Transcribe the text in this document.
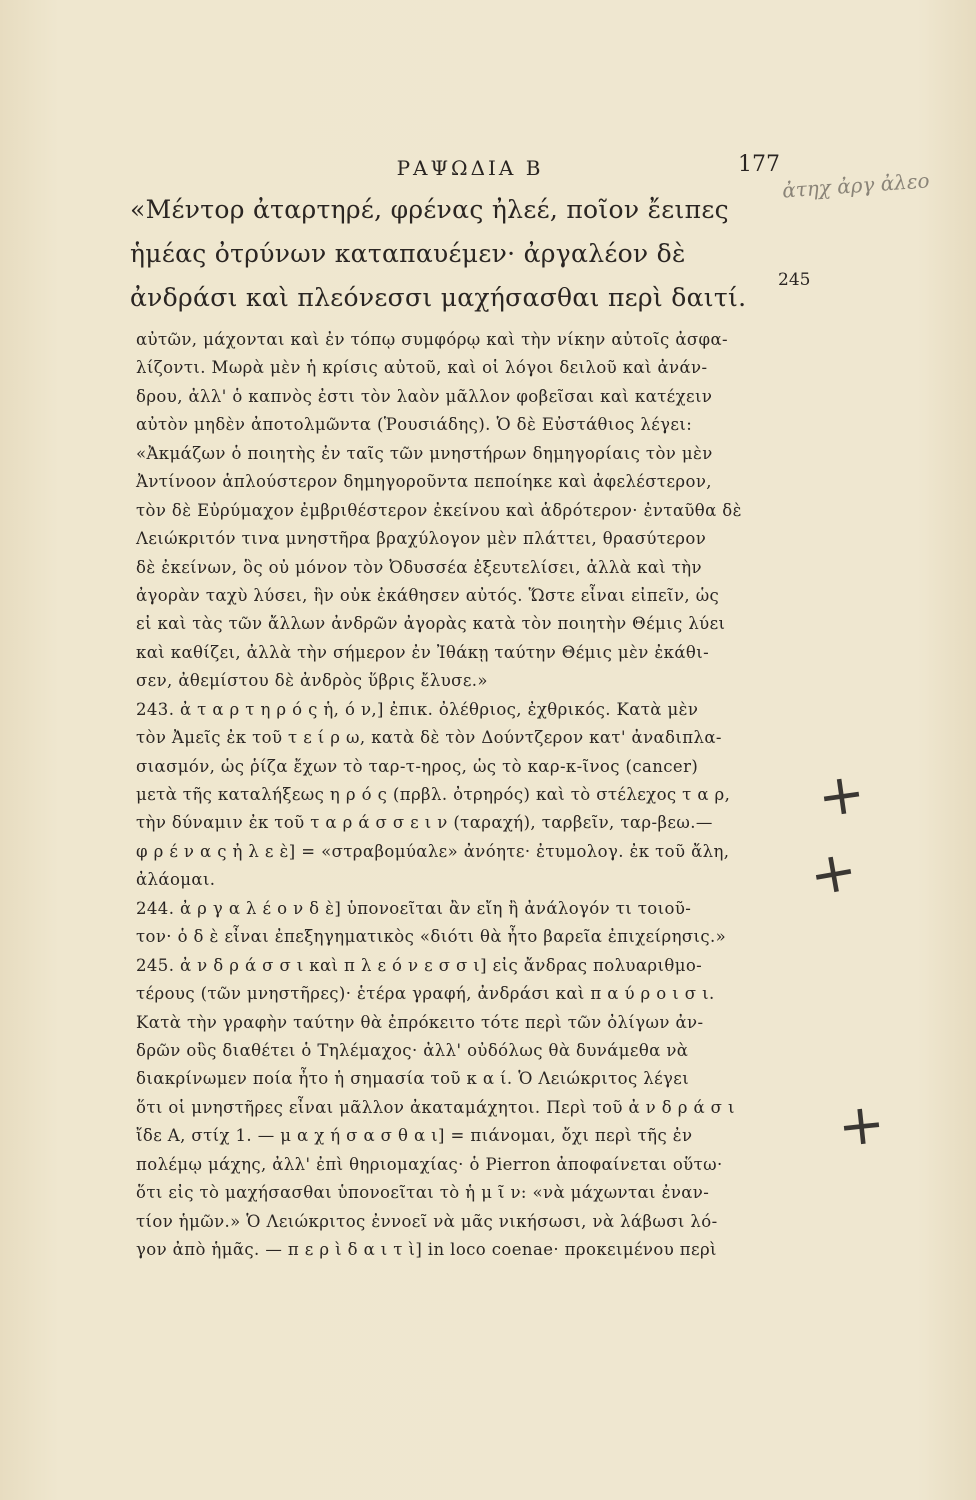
ΡΑΨΩΔΙΑ Β	177
ἀτηχ ἀργ ἀλεο
«Μέντορ ἀταρτηρέ, φρένας ἠλεέ, ποῖον ἔειπες
ἡμέας ὀτρύνων καταπαυέμεν· ἀργαλέον δὲ
ἀνδράσι καὶ πλεόνεσσι μαχήσασθαι περὶ δαιτί.
245
αὐτῶν, μάχονται καὶ ἐν τόπῳ συμφόρῳ καὶ τὴν νίκην αὐτοῖς ἀσφα-
λίζοντι. Μωρὰ μὲν ἡ κρίσις αὐτοῦ, καὶ οἱ λόγοι δειλοῦ καὶ ἀνάν-
δρου, ἀλλ' ὁ καπνὸς ἐστι τὸν λαὸν μᾶλλον φοβεῖσαι καὶ κατέχειν
αὐτὸν μηδὲν ἀποτολμῶντα (Ῥουσιάδης). Ὁ δὲ Εὐστάθιος λέγει:
«Ἀκμάζων ὁ ποιητὴς ἐν ταῖς τῶν μνηστήρων δημηγορίαις τὸν μὲν
Ἀντίνοον ἁπλούστερον δημηγοροῦντα πεποίηκε καὶ ἀφελέστερον,
τὸν δὲ Εὐρύμαχον ἐμβριθέστερον ἐκείνου καὶ ἁδρότερον· ἐνταῦθα δὲ
Λειώκριτόν τινα μνηστῆρα βραχύλογον μὲν πλάττει, θρασύτερον
δὲ ἐκείνων, ὃς οὐ μόνον τὸν Ὀδυσσέα ἐξευτελίσει, ἀλλὰ καὶ τὴν
ἀγορὰν ταχὺ λύσει, ἣν οὐκ ἐκάθησεν αὐτός. Ὥστε εἶναι εἰπεῖν, ὡς
εἰ καὶ τὰς τῶν ἄλλων ἀνδρῶν ἀγορὰς κατὰ τὸν ποιητὴν Θέμις λύει
καὶ καθίζει, ἀλλὰ τὴν σήμερον ἐν Ἰθάκῃ ταύτην Θέμις μὲν ἐκάθι-
σεν, ἀθεμίστου δὲ ἀνδρὸς ὕβρις ἔλυσε.»
243. ἀ τ α ρ τ η ρ ό ς ἡ, ό ν,] ἐπικ. ὀλέθριος, ἐχθρικός. Κατὰ μὲν
τὸν Ἀμεῖς ἐκ τοῦ τ ε ί ρ ω, κατὰ δὲ τὸν Δούντζερον κατ' ἀναδιπλα-
σιασμόν, ὡς ῥίζα ἔχων τὸ ταρ-τ-ηρος, ὡς τὸ καρ-κ-ῖνος (cancer)
μετὰ τῆς καταλήξεως η ρ ό ς (πρβλ. ὀτρηρός) καὶ τὸ στέλεχος τ α ρ,
τὴν δύναμιν ἐκ τοῦ τ α ρ ά σ σ ε ι ν (ταραχή), ταρβεῖν, ταρ-βεω.—
φ ρ έ ν α ς ἠ λ ε ὲ] = «στραβομύαλε» ἀνόητε· ἐτυμολογ. ἐκ τοῦ ἄλη,
ἀλάομαι.
244. ἀ ρ γ α λ έ ο ν δ ὲ] ὑπονοεῖται ἂν εἴη ἢ ἀνάλογόν τι τοιοῦ-
τον· ὁ δ ὲ εἶναι ἐπεξηγηματικὸς «διότι θὰ ἦτο βαρεῖα ἐπιχείρησις.»
245. ἀ ν δ ρ ά σ σ ι καὶ π λ ε ό ν ε σ σ ι] εἰς ἄνδρας πολυαριθμο-
τέρους (τῶν μνηστῆρες)· ἑτέρα γραφή, ἀνδράσι καὶ π α ύ ρ ο ι σ ι.
Κατὰ τὴν γραφὴν ταύτην θὰ ἐπρόκειτο τότε περὶ τῶν ὀλίγων ἀν-
δρῶν οὓς διαθέτει ὁ Τηλέμαχος· ἀλλ' οὐδόλως θὰ δυνάμεθα νὰ
διακρίνωμεν ποία ἦτο ἡ σημασία τοῦ κ α ί. Ὁ Λειώκριτος λέγει
ὅτι οἱ μνηστῆρες εἶναι μᾶλλον ἀκαταμάχητοι. Περὶ τοῦ ἀ ν δ ρ ά σ ι
ἴδε Α, στίχ 1. — μ α χ ή σ α σ θ α ι] = πιάνομαι, ὄχι περὶ τῆς ἐν
πολέμῳ μάχης, ἀλλ' ἐπὶ θηριομαχίας· ὁ Pierron ἀποφαίνεται οὕτω·
ὅτι εἰς τὸ μαχήσασθαι ὑπονοεῖται τὸ ἡ μ ῖ ν: «νὰ μάχωνται ἐναν-
τίον ἡμῶν.» Ὁ Λειώκριτος ἐννοεῖ νὰ μᾶς νικήσωσι, νὰ λάβωσι λό-
γον ἀπὸ ἡμᾶς. — π ε ρ ὶ δ α ι τ ὶ] in loco coenae· προκειμένου περὶ
+
+
+
